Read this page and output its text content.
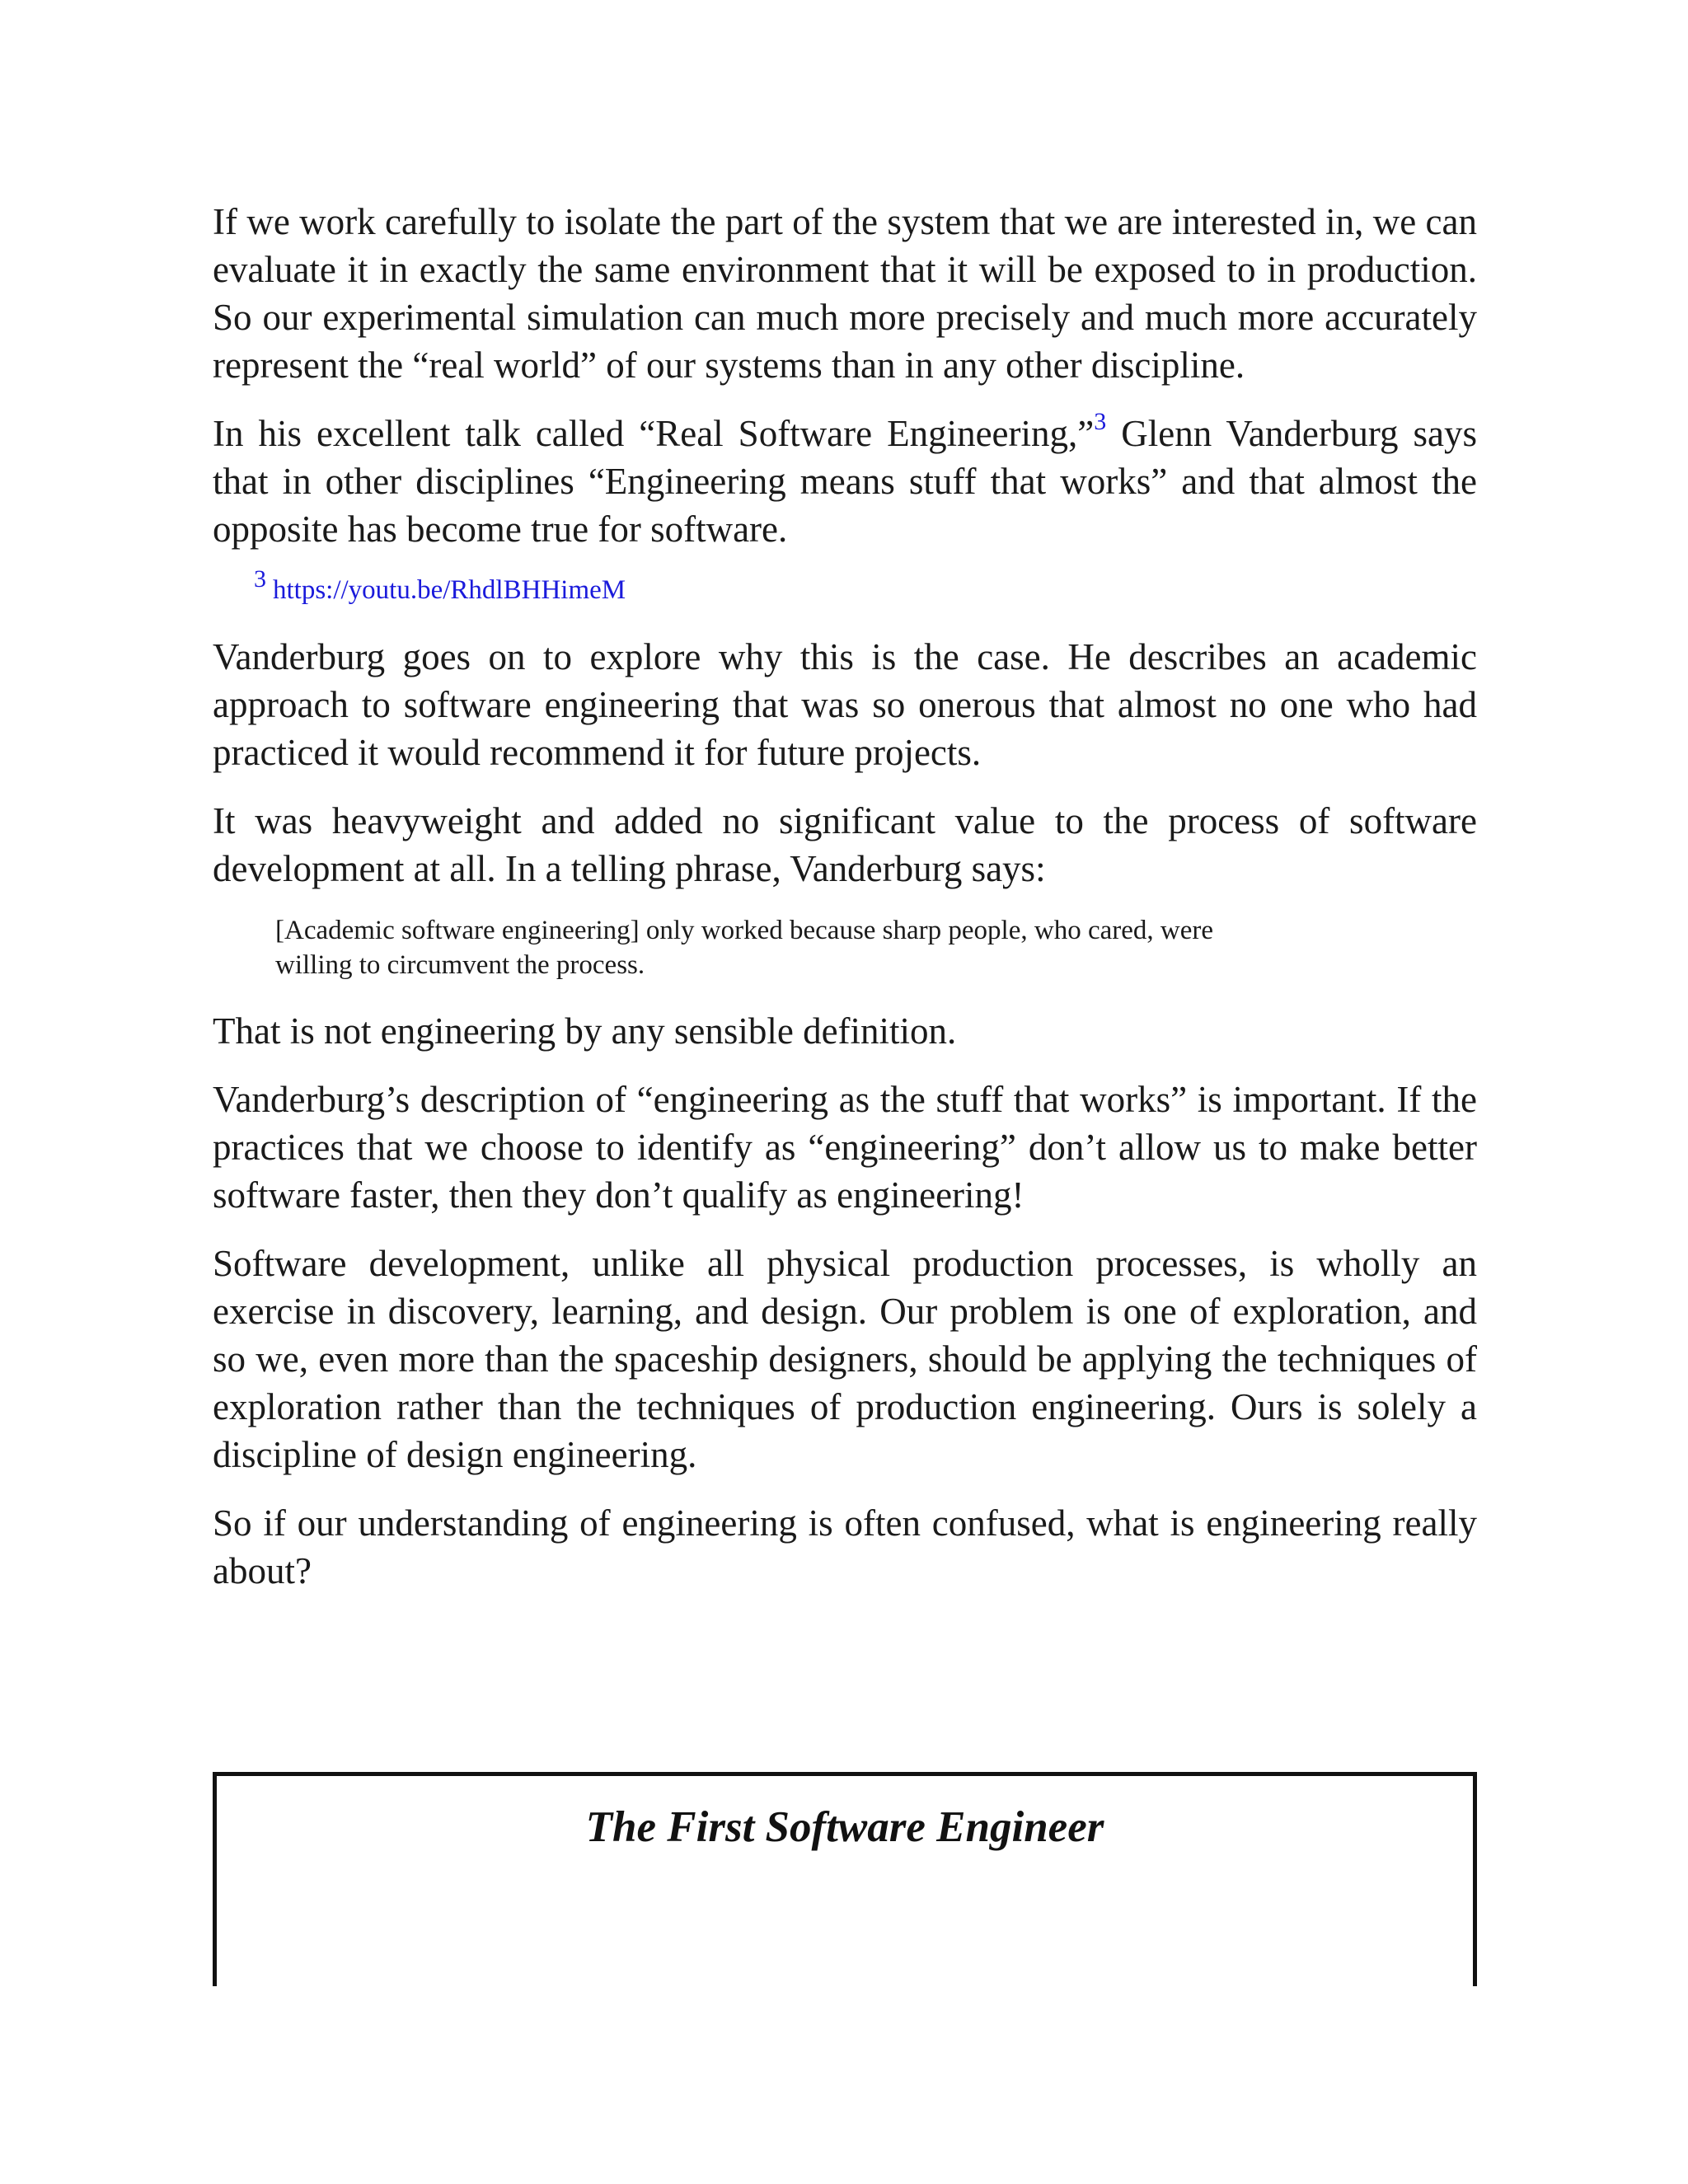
If we work carefully to isolate the part of the system that we are interested in, we can evaluate it in exactly the same environment that it will be exposed to in production. So our experimental simulation can much more precisely and much more accurately represent the “real world” of our systems than in any other discipline.

In his excellent talk called “Real Software Engineering,”$^3$ Glenn Vanderburg says that in other disciplines “Engineering means stuff that works” and that almost the opposite has become true for software.

3 https://youtu.be/RhdlBHHimeM

Vanderburg goes on to explore why this is the case. He describes an academic approach to software engineering that was so onerous that almost no one who had practiced it would recommend it for future projects.

It was heavyweight and added no significant value to the process of software development at all. In a telling phrase, Vanderburg says:

[Academic software engineering] only worked because sharp people, who cared, were willing to circumvent the process.

That is not engineering by any sensible definition.

Vanderburg’s description of “engineering as the stuff that works” is important. If the practices that we choose to identify as “engineering” don’t allow us to make better software faster, then they don’t qualify as engineering!

Software development, unlike all physical production processes, is wholly an exercise in discovery, learning, and design. Our problem is one of exploration, and so we, even more than the spaceship designers, should be applying the techniques of exploration rather than the techniques of production engineering. Ours is solely a discipline of design engineering.

So if our understanding of engineering is often confused, what is engineering really about?

The First Software Engineer
